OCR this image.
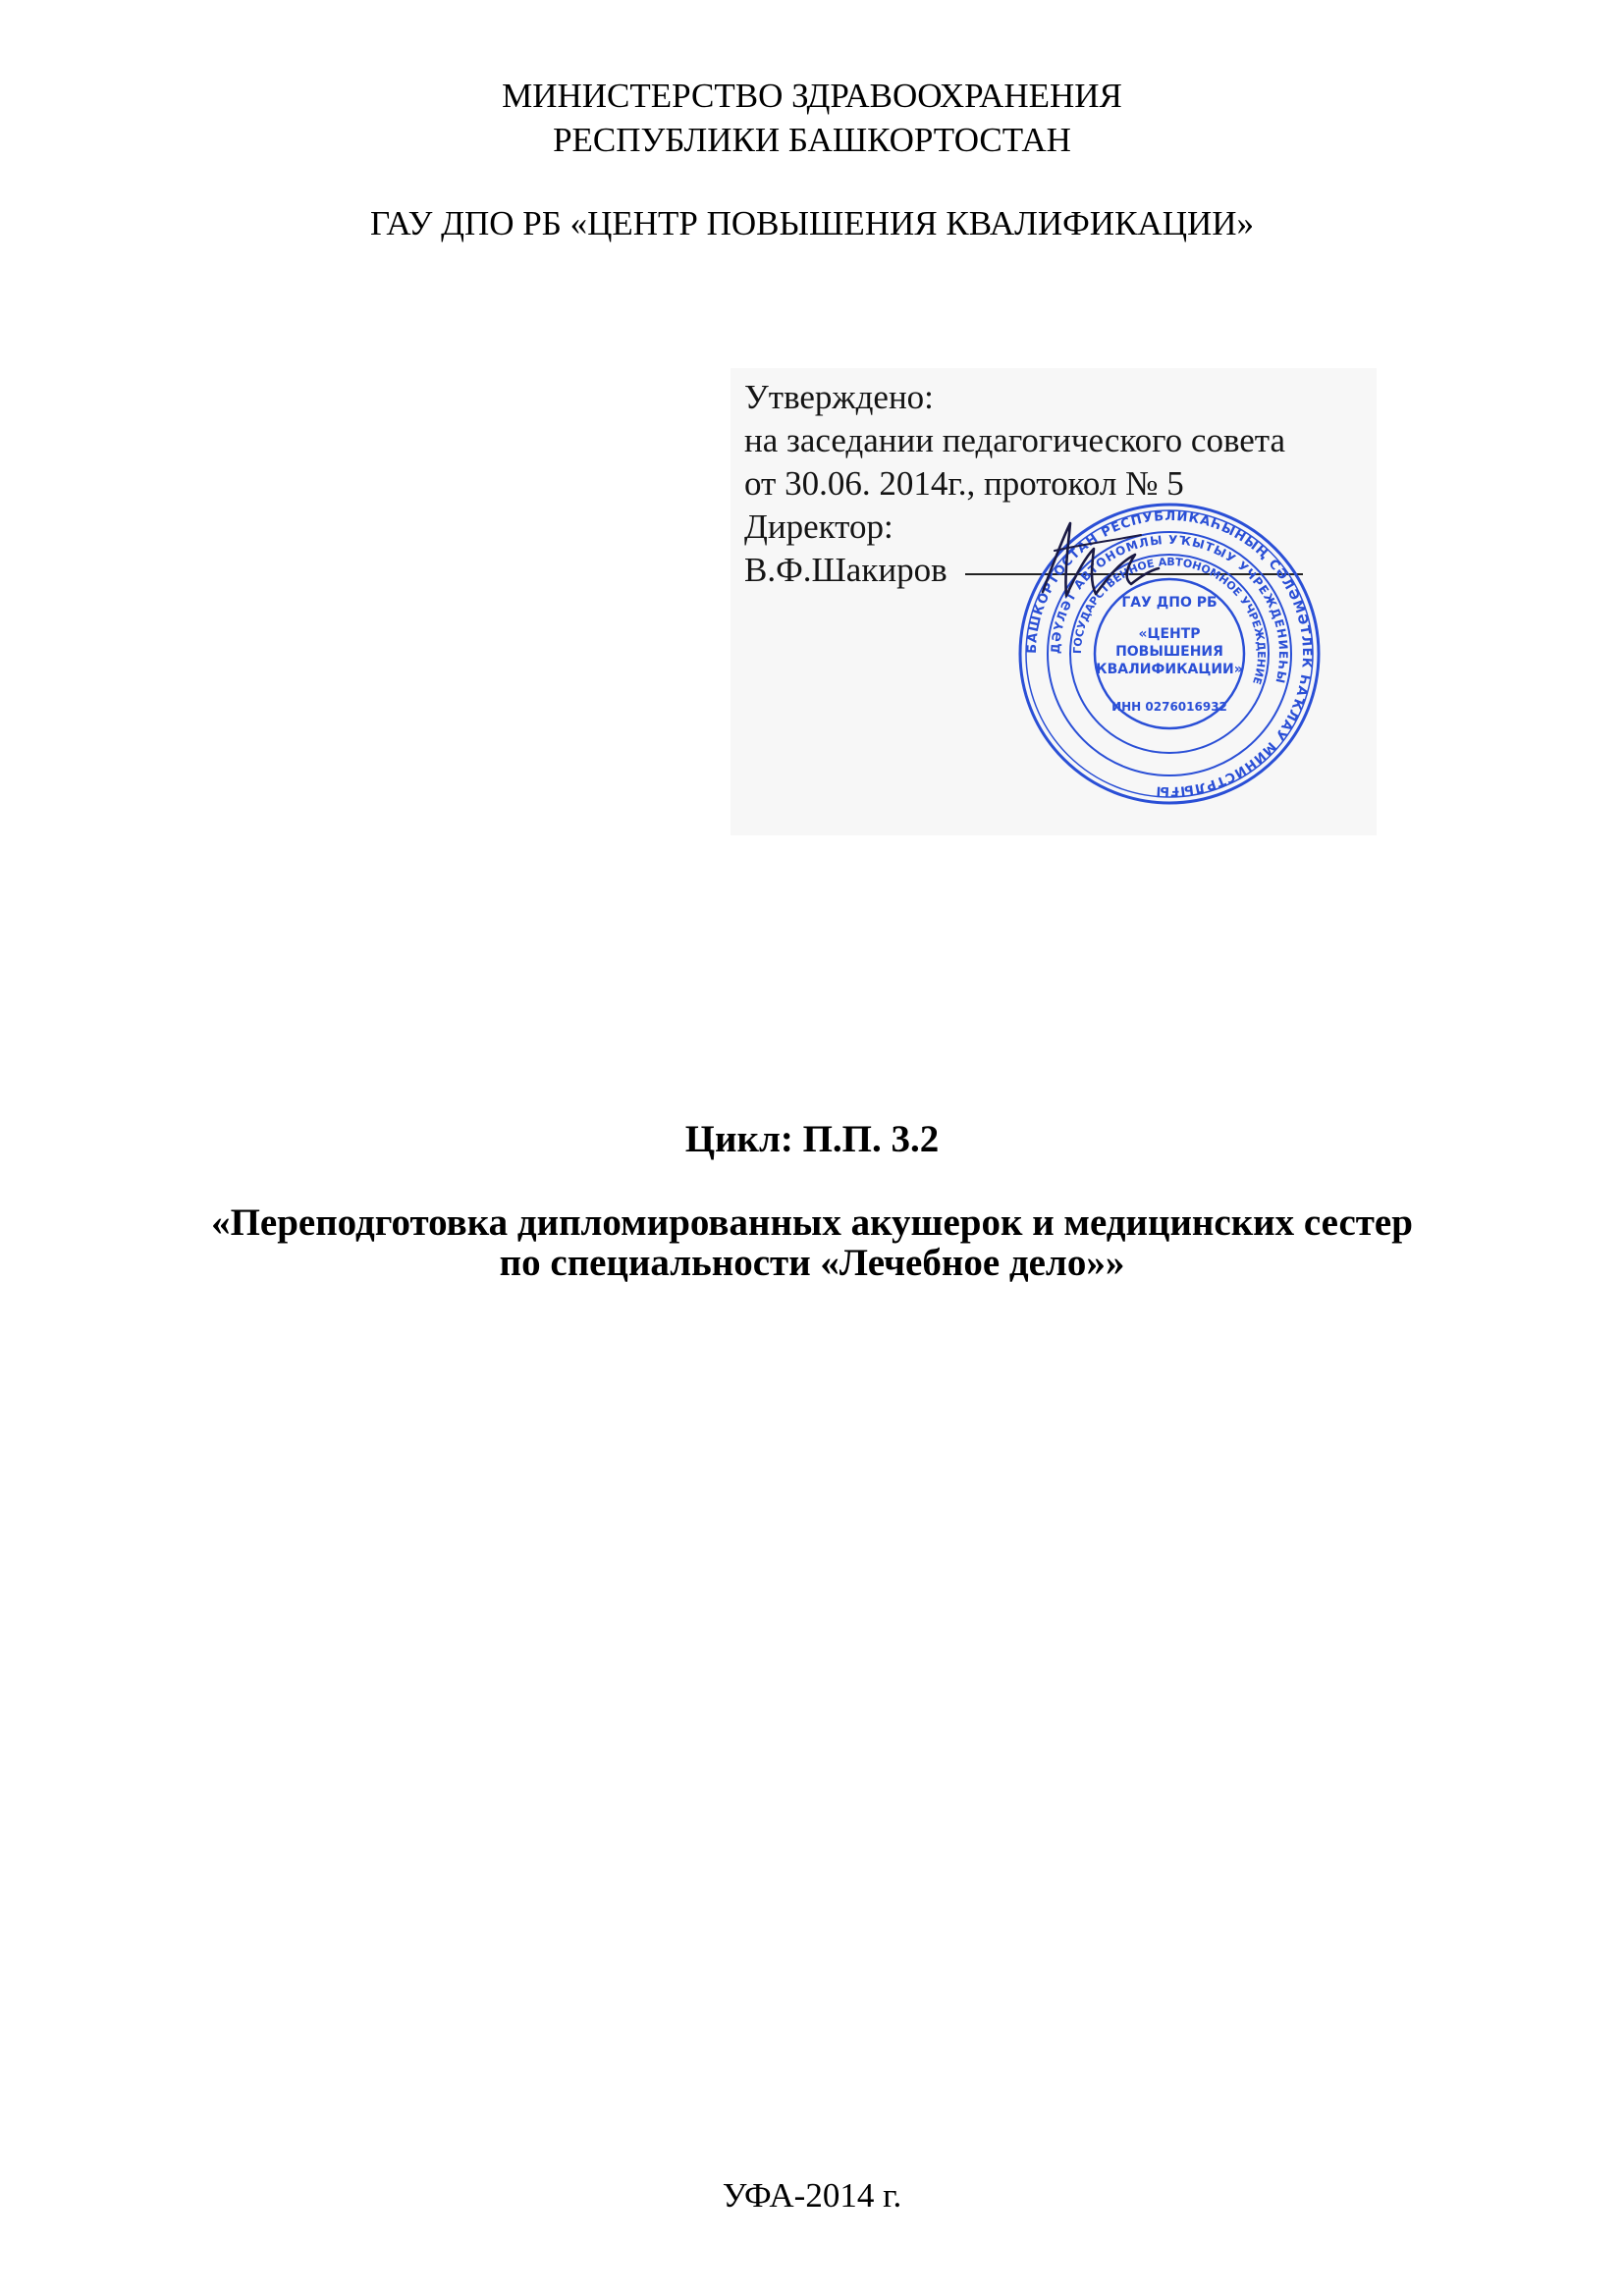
МИНИСТЕРСТВО ЗДРАВООХРАНЕНИЯ
РЕСПУБЛИКИ БАШКОРТОСТАН
ГАУ ДПО РБ «ЦЕНТР ПОВЫШЕНИЯ КВАЛИФИКАЦИИ»
Утверждено:
на заседании педагогического совета
от 30.06. 2014г., протокол № 5
Директор:
В.Ф.Шакиров
БАШКОРТОСТАН РЕСПУБЛИКАҺЫНЫҢ СӘЛӘМӘТЛЕК ҺАҠЛАУ МИНИСТРЛЫҒЫ
ДӘҮЛӘТ АВТОНОМЛЫ УҠЫТЫУ УЧРЕЖДЕНИЕҺЫ
ГОСУДАРСТВЕННОЕ АВТОНОМНОЕ УЧРЕЖДЕНИЕ
ГАУ ДПО РБ
«ЦЕНТР
ПОВЫШЕНИЯ
КВАЛИФИКАЦИИ»
ИНН 0276016932
Цикл: П.П. 3.2
«Переподготовка дипломированных акушерок и медицинских сестер
по специальности «Лечебное дело»»
УФА-2014 г.
